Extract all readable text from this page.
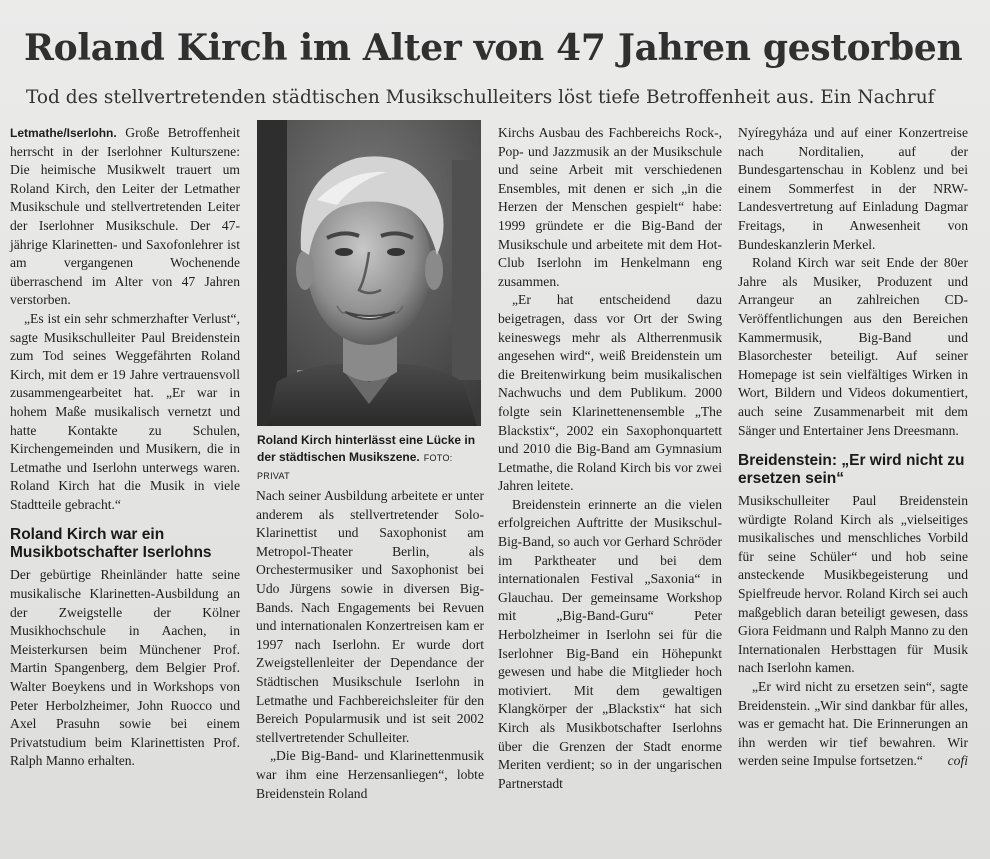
Roland Kirch im Alter von 47 Jahren gestorben
Tod des stellvertretenden städtischen Musikschulleiters löst tiefe Betroffenheit aus. Ein Nachruf

Letmathe/Iserlohn. Große Betroffenheit herrscht in der Iserlohner Kulturszene: Die heimische Musikwelt trauert um Roland Kirch, den Leiter der Letmather Musikschule und stellvertretenden Leiter der Iserlohner Musikschule. Der 47-jährige Klarinetten- und Saxofonlehrer ist am vergangenen Wochenende überraschend im Alter von 47 Jahren verstorben.

„Es ist ein sehr schmerzhafter Verlust“, sagte Musikschulleiter Paul Breidenstein zum Tod seines Weggefährten Roland Kirch, mit dem er 19 Jahre vertrauensvoll zusammengearbeitet hat. „Er war in hohem Maße musikalisch vernetzt und hatte Kontakte zu Schulen, Kirchengemeinden und Musikern, die in Letmathe und Iserlohn unterwegs waren. Roland Kirch hat die Musik in viele Stadtteile gebracht.“

Roland Kirch war ein Musikbotschafter Iserlohns

Der gebürtige Rheinländer hatte seine musikalische Klarinetten-Ausbildung an der Zweigstelle der Kölner Musikhochschule in Aachen, in Meisterkursen beim Münchener Prof. Martin Spangenberg, dem Belgier Prof. Walter Boeykens und in Workshops von Peter Herbolzheimer, John Ruocco und Axel Prasuhn sowie bei einem Privatstudium beim Klarinettisten Prof. Ralph Manno erhalten.

Roland Kirch hinterlässt eine Lücke in der städtischen Musikszene. FOTO: PRIVAT

Nach seiner Ausbildung arbeitete er unter anderem als stellvertretender Solo-Klarinettist und Saxophonist am Metropol-Theater Berlin, als Orchestermusiker und Saxophonist bei Udo Jürgens sowie in diversen Big-Bands. Nach Engagements bei Revuen und internationalen Konzertreisen kam er 1997 nach Iserlohn. Er wurde dort Zweigstellenleiter der Dependance der Städtischen Musikschule Iserlohn in Letmathe und Fachbereichsleiter für den Bereich Popularmusik und ist seit 2002 stellvertretender Schulleiter.

„Die Big-Band- und Klarinettenmusik war ihm eine Herzensanliegen“, lobte Breidenstein Roland

Kirchs Ausbau des Fachbereichs Rock-, Pop- und Jazzmusik an der Musikschule und seine Arbeit mit verschiedenen Ensembles, mit denen er sich „in die Herzen der Menschen gespielt“ habe: 1999 gründete er die Big-Band der Musikschule und arbeitete mit dem Hot-Club Iserlohn im Henkelmann eng zusammen.

„Er hat entscheidend dazu beigetragen, dass vor Ort der Swing keineswegs mehr als Altherrenmusik angesehen wird“, weiß Breidenstein um die Breitenwirkung beim musikalischen Nachwuchs und dem Publikum. 2000 folgte sein Klarinettenensemble „The Blackstix“, 2002 ein Saxophonquartett und 2010 die Big-Band am Gymnasium Letmathe, die Roland Kirch bis vor zwei Jahren leitete.

Breidenstein erinnerte an die vielen erfolgreichen Auftritte der Musikschul-Big-Band, so auch vor Gerhard Schröder im Parktheater und bei dem internationalen Festival „Saxonia“ in Glauchau. Der gemeinsame Workshop mit „Big-Band-Guru“ Peter Herbolzheimer in Iserlohn sei für die Iserlohner Big-Band ein Höhepunkt gewesen und habe die Mitglieder hoch motiviert. Mit dem gewaltigen Klangkörper der „Blackstix“ hat sich Kirch als Musikbotschafter Iserlohns über die Grenzen der Stadt enorme Meriten verdient; so in der ungarischen Partnerstadt

Nyíregyháza und auf einer Konzertreise nach Norditalien, auf der Bundesgartenschau in Koblenz und bei einem Sommerfest in der NRW-Landesvertretung auf Einladung Dagmar Freitags, in Anwesenheit von Bundeskanzlerin Merkel.

Roland Kirch war seit Ende der 80er Jahre als Musiker, Produzent und Arrangeur an zahlreichen CD-Veröffentlichungen aus den Bereichen Kammermusik, Big-Band und Blasorchester beteiligt. Auf seiner Homepage ist sein vielfältiges Wirken in Wort, Bildern und Videos dokumentiert, auch seine Zusammenarbeit mit dem Sänger und Entertainer Jens Dreesmann.

Breidenstein: „Er wird nicht zu ersetzen sein“

Musikschulleiter Paul Breidenstein würdigte Roland Kirch als „vielseitiges musikalisches und menschliches Vorbild für seine Schüler“ und hob seine ansteckende Musikbegeisterung und Spielfreude hervor. Roland Kirch sei auch maßgeblich daran beteiligt gewesen, dass Giora Feidmann und Ralph Manno zu den Internationalen Herbsttagen für Musik nach Iserlohn kamen.

„Er wird nicht zu ersetzen sein“, sagte Breidenstein. „Wir sind dankbar für alles, was er gemacht hat. Die Erinnerungen an ihn werden wir tief bewahren. Wir werden seine Impulse fortsetzen.“	cofi
